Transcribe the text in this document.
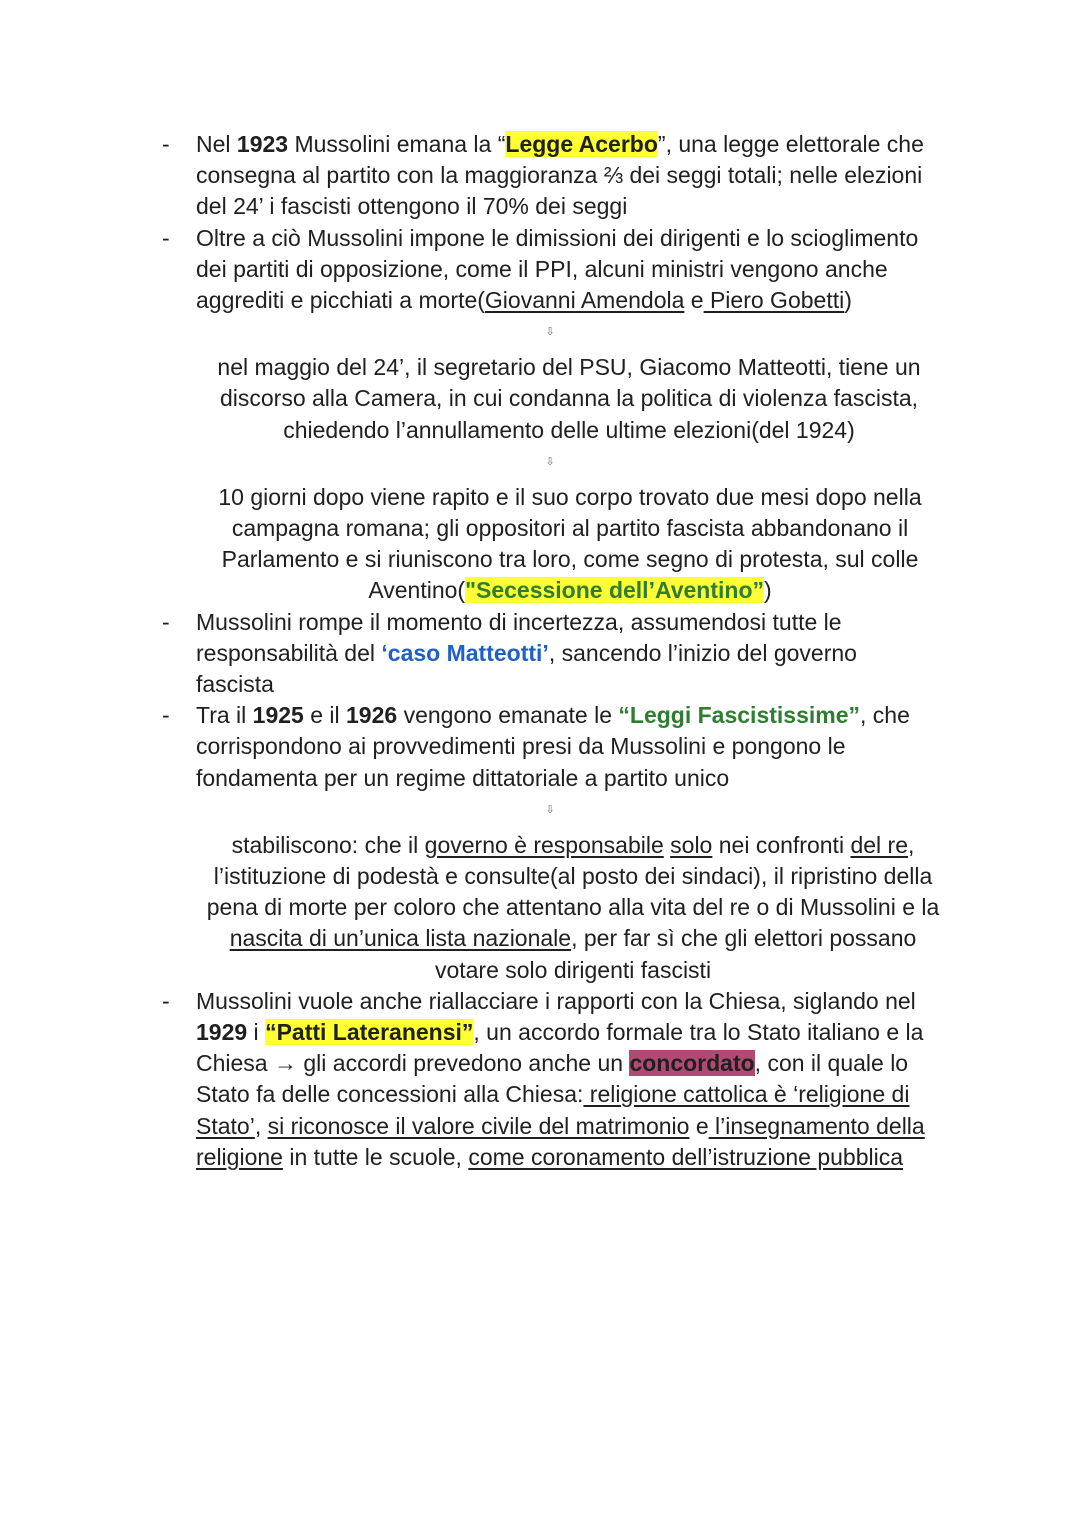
- Nel 1923 Mussolini emana la “Legge Acerbo”, una legge elettorale che
consegna al partito con la maggioranza ⅔ dei seggi totali; nelle elezioni
del 24’ i fascisti ottengono il 70% dei seggi
- Oltre a ciò Mussolini impone le dimissioni dei dirigenti e lo scioglimento
dei partiti di opposizione, come il PPI, alcuni ministri vengono anche
aggrediti e picchiati a morte(Giovanni Amendola e Piero Gobetti)
⇩
nel maggio del 24’, il segretario del PSU, Giacomo Matteotti, tiene un
discorso alla Camera, in cui condanna la politica di violenza fascista,
chiedendo l’annullamento delle ultime elezioni(del 1924)
⇩
10 giorni dopo viene rapito e il suo corpo trovato due mesi dopo nella
campagna romana; gli oppositori al partito fascista abbandonano il
Parlamento e si riuniscono tra loro, come segno di protesta, sul colle
Aventino("Secessione dell’Aventino”)
- Mussolini rompe il momento di incertezza, assumendosi tutte le
responsabilità del ‘caso Matteotti’, sancendo l’inizio del governo
fascista
- Tra il 1925 e il 1926 vengono emanate le “Leggi Fascistissime”, che
corrispondono ai provvedimenti presi da Mussolini e pongono le
fondamenta per un regime dittatoriale a partito unico
⇩
stabiliscono: che il governo è responsabile solo nei confronti del re,
l’istituzione di podestà e consulte(al posto dei sindaci), il ripristino della
pena di morte per coloro che attentano alla vita del re o di Mussolini e la
nascita di un’unica lista nazionale, per far sì che gli elettori possano
votare solo dirigenti fascisti
- Mussolini vuole anche riallacciare i rapporti con la Chiesa, siglando nel
1929 i “Patti Lateranensi”, un accordo formale tra lo Stato italiano e la
Chiesa → gli accordi prevedono anche un concordato, con il quale lo
Stato fa delle concessioni alla Chiesa: religione cattolica è ‘religione di
Stato’, si riconosce il valore civile del matrimonio e l’insegnamento della
religione in tutte le scuole, come coronamento dell’istruzione pubblica
